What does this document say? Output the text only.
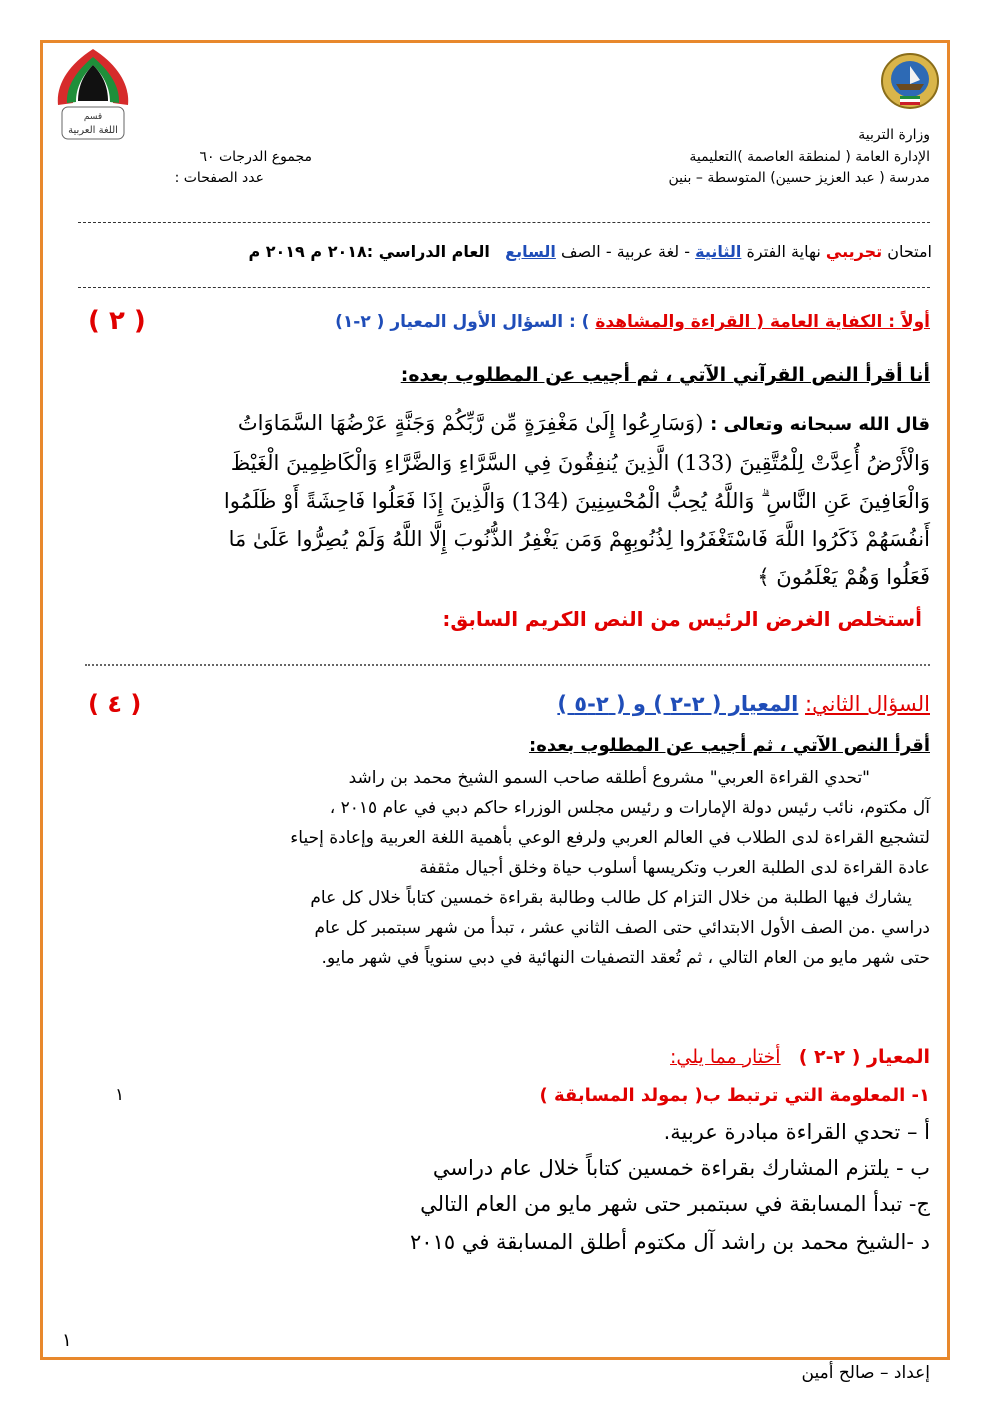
قسم
اللغة العربية	وزارة التربية
الإدارة العامة ( لمنطقة العاصمة )التعليمية
مدرسة ( عبد العزيز حسين) المتوسطة – بنين
مجموع الدرجات ٦٠
عدد الصفحات :
امتحان تجريبي نهاية الفترة الثانية - لغة عربية - الصف السابع   العام الدراسي :٢٠١٨ م ٢٠١٩ م
أولاً : الكفاية العامة ( القراءة والمشاهدة ) : السؤال الأول المعيار ( ٢-١)
( ٢ )
أنا أقرأ النص القرآني الآتي ، ثم أجيب عن المطلوب بعده:
قال الله سبحانه وتعالى : (وَسَارِعُوا إِلَىٰ مَغْفِرَةٍ مِّن رَّبِّكُمْ وَجَنَّةٍ عَرْضُهَا السَّمَاوَاتُ
وَالْأَرْضُ أُعِدَّتْ لِلْمُتَّقِينَ (133) الَّذِينَ يُنفِقُونَ فِي السَّرَّاءِ وَالضَّرَّاءِ وَالْكَاظِمِينَ الْغَيْظَ
وَالْعَافِينَ عَنِ النَّاسِ ۗ وَاللَّهُ يُحِبُّ الْمُحْسِنِينَ (134) وَالَّذِينَ إِذَا فَعَلُوا فَاحِشَةً أَوْ ظَلَمُوا
أَنفُسَهُمْ ذَكَرُوا اللَّهَ فَاسْتَغْفَرُوا لِذُنُوبِهِمْ وَمَن يَغْفِرُ الذُّنُوبَ إِلَّا اللَّهُ وَلَمْ يُصِرُّوا عَلَىٰ مَا
فَعَلُوا وَهُمْ يَعْلَمُونَ ﴾
أستخلص الغرض الرئيس من النص الكريم السابق:
السؤال الثاني: المعيار ( ٢-٢ ) و ( ٢-٥ )
( ٤ )
أقرأ النص الآتي ، ثم أجيب عن المطلوب بعده:
"تحدي القراءة العربي" مشروع أطلقه صاحب السمو الشيخ محمد بن راشد
آل مكتوم، نائب رئيس دولة الإمارات و رئيس مجلس الوزراء حاكم دبي في عام ٢٠١٥ ،
لتشجيع القراءة لدى الطلاب في العالم العربي ولرفع الوعي بأهمية اللغة العربية وإعادة إحياء
عادة القراءة لدى الطلبة العرب وتكريسها أسلوب حياة وخلق أجيال مثقفة
يشارك فيها الطلبة من خلال التزام كل طالب وطالبة بقراءة خمسين كتاباً خلال كل عام
دراسي .من الصف الأول الابتدائي حتى الصف الثاني عشر ، تبدأ من شهر سبتمبر كل عام
حتى شهر مايو من العام التالي ، ثم تُعقد التصفيات النهائية في دبي سنوياً في شهر مايو.
المعيار ( ٢-٢ )   أختار مما يلي:
١- المعلومة التي ترتبط ب( بمولد المسابقة )
١
أ – تحدي القراءة مبادرة عربية.
ب - يلتزم المشارك بقراءة خمسين كتاباً خلال عام دراسي
ج- تبدأ المسابقة في سبتمبر حتى شهر مايو من العام التالي
د -الشيخ محمد بن راشد آل مكتوم أطلق المسابقة في ٢٠١٥
١
إعداد – صالح أمين
